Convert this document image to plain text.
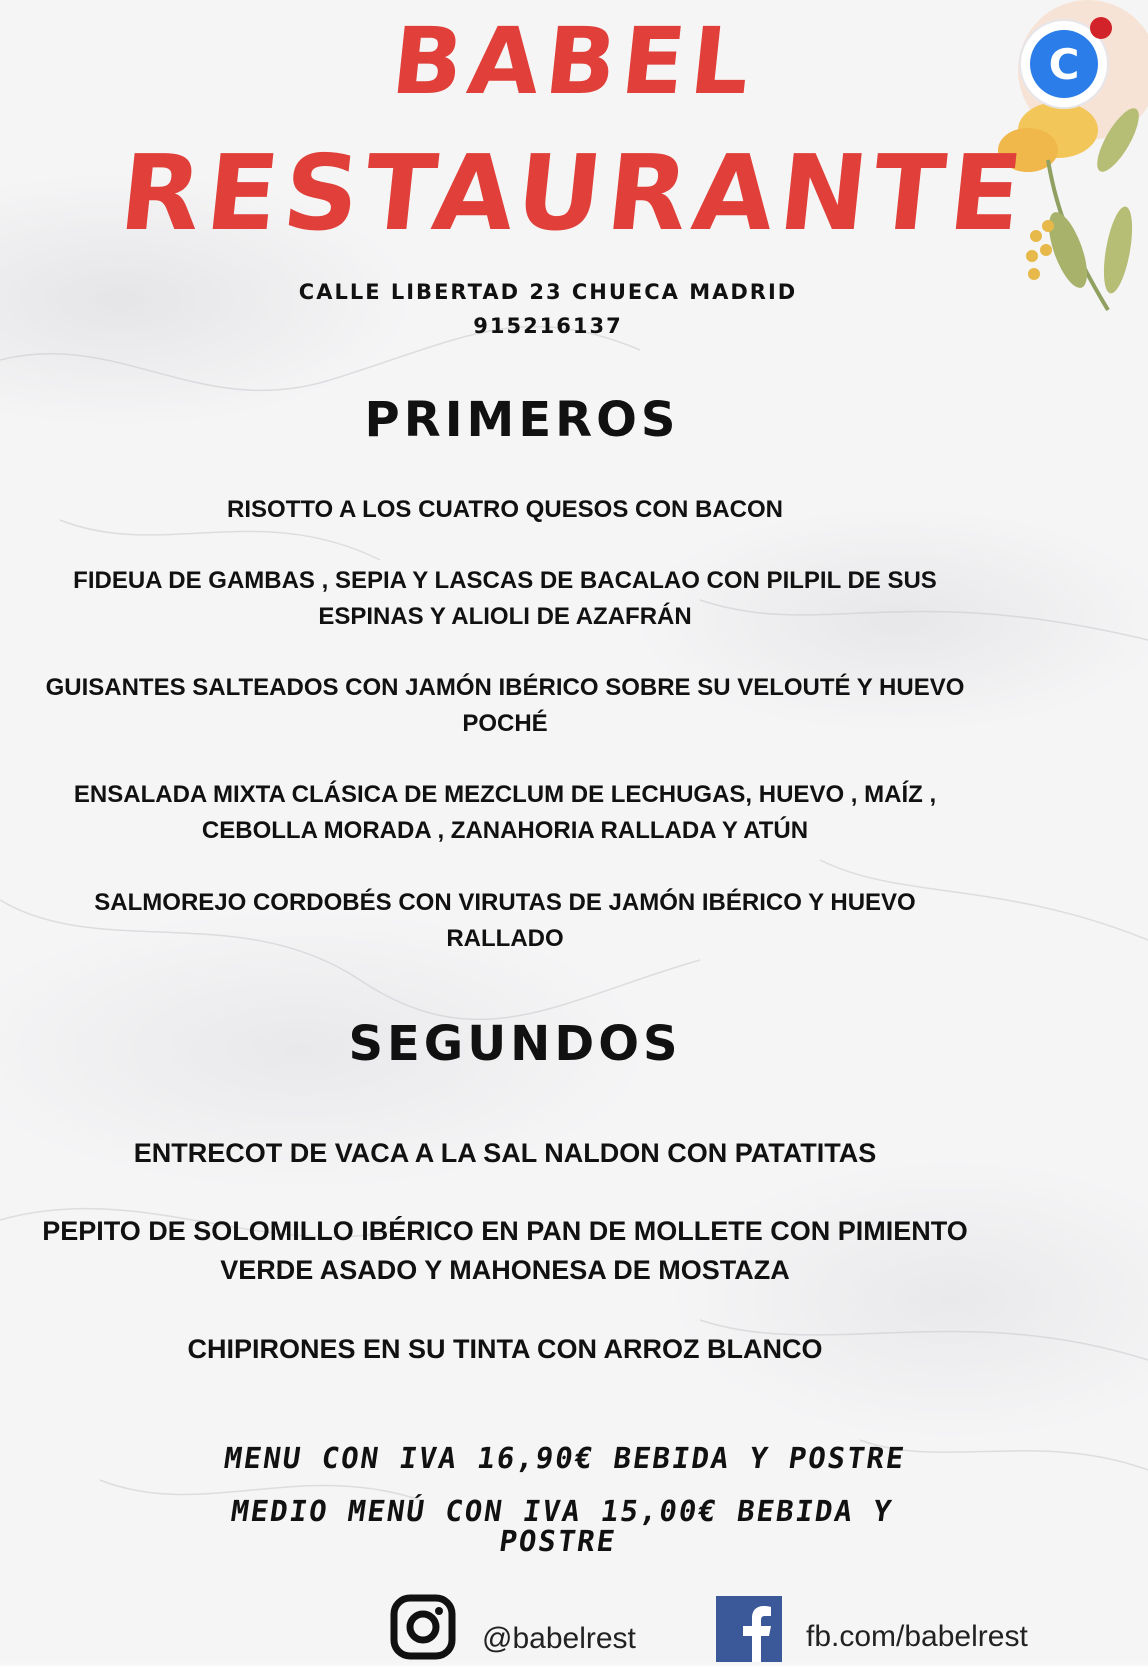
C
BABEL
RESTAURANTE
CALLE LIBERTAD 23 CHUECA MADRID
915216137
PRIMEROS
RISOTTO A LOS CUATRO QUESOS CON BACON
FIDEUA DE GAMBAS , SEPIA Y LASCAS DE BACALAO CON PILPIL DE SUS ESPINAS Y ALIOLI DE AZAFRÁN
GUISANTES SALTEADOS CON JAMÓN IBÉRICO SOBRE SU VELOUTÉ Y HUEVO POCHÉ
ENSALADA MIXTA CLÁSICA DE MEZCLUM DE LECHUGAS, HUEVO , MAÍZ , CEBOLLA MORADA , ZANAHORIA RALLADA Y ATÚN
SALMOREJO CORDOBÉS CON VIRUTAS DE JAMÓN IBÉRICO Y HUEVO RALLADO
SEGUNDOS
ENTRECOT DE VACA A LA SAL NALDON CON PATATITAS
PEPITO DE SOLOMILLO IBÉRICO EN PAN DE MOLLETE CON PIMIENTO VERDE ASADO Y MAHONESA DE MOSTAZA
CHIPIRONES EN SU TINTA CON ARROZ BLANCO
MENU CON IVA 16,90€ BEBIDA Y POSTRE
MEDIO MENÚ CON IVA 15,00€ BEBIDA Y POSTRE
@babelrest	fb.com/babelrest
